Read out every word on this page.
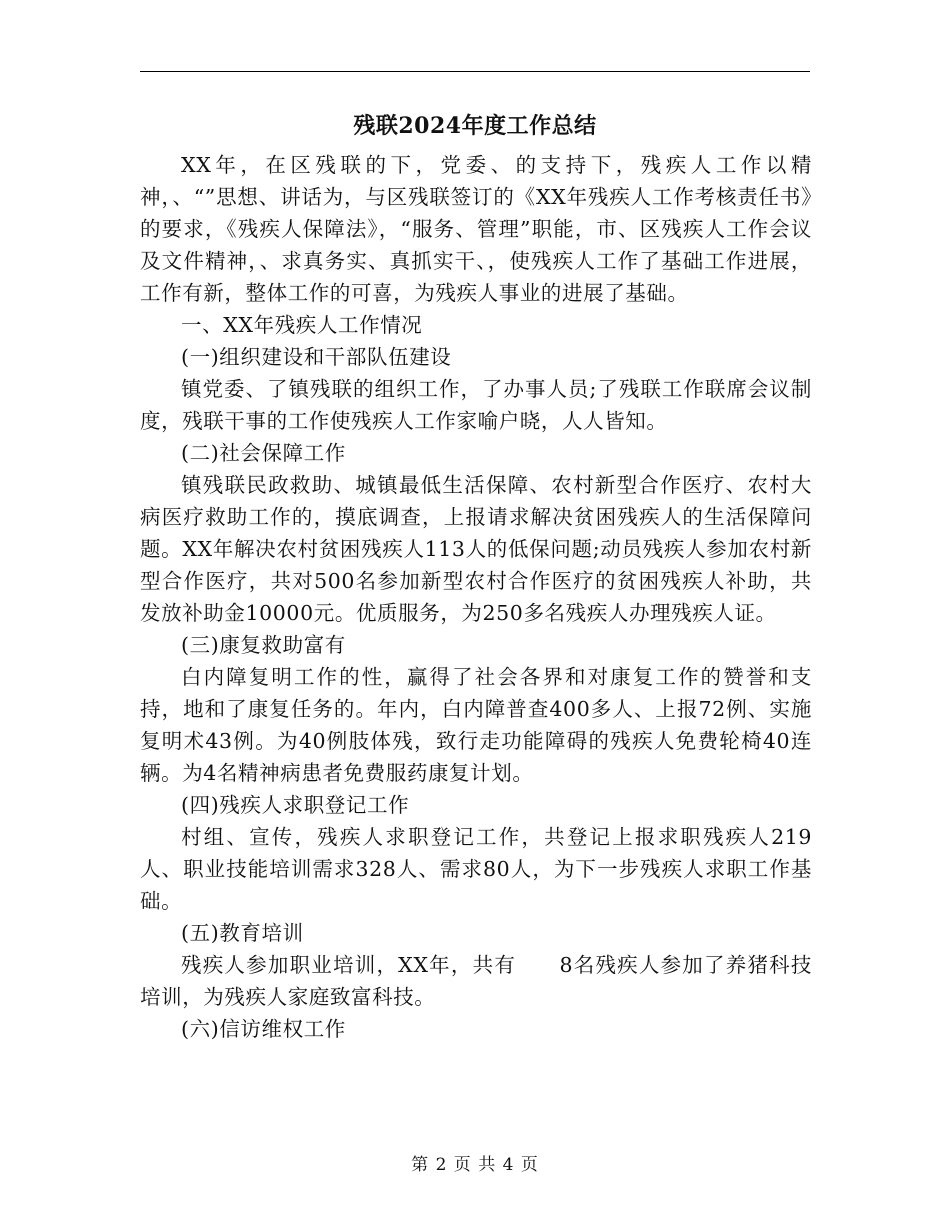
残联2024年度工作总结

XX年，在区残联的下，党委、的支持下，残疾人工作以精神，、“”思想、讲话为，与区残联签订的《XX年残疾人工作考核责任书》的要求，《残疾人保障法》，“服务、管理”职能，市、区残疾人工作会议及文件精神，、求真务实、真抓实干、，使残疾人工作了基础工作进展，工作有新，整体工作的可喜，为残疾人事业的进展了基础。

一、XX年残疾人工作情况

(一)组织建设和干部队伍建设

镇党委、了镇残联的组织工作，了办事人员;了残联工作联席会议制度，残联干事的工作使残疾人工作家喻户晓，人人皆知。

(二)社会保障工作

镇残联民政救助、城镇最低生活保障、农村新型合作医疗、农村大病医疗救助工作的，摸底调查，上报请求解决贫困残疾人的生活保障问题。XX年解决农村贫困残疾人113人的低保问题;动员残疾人参加农村新型合作医疗，共对500名参加新型农村合作医疗的贫困残疾人补助，共发放补助金10000元。优质服务，为250多名残疾人办理残疾人证。

(三)康复救助富有

白内障复明工作的性，赢得了社会各界和对康复工作的赞誉和支持，地和了康复任务的。年内，白内障普查400多人、上报72例、实施复明术43例。为40例肢体残，致行走功能障碍的残疾人免费轮椅40连辆。为4名精神病患者免费服药康复计划。

(四)残疾人求职登记工作

村组、宣传，残疾人求职登记工作，共登记上报求职残疾人219人、职业技能培训需求328人、需求80人，为下一步残疾人求职工作基础。

(五)教育培训

残疾人参加职业培训，XX年，共有　　8名残疾人参加了养猪科技培训，为残疾人家庭致富科技。

(六)信访维权工作

第 2 页 共 4 页
